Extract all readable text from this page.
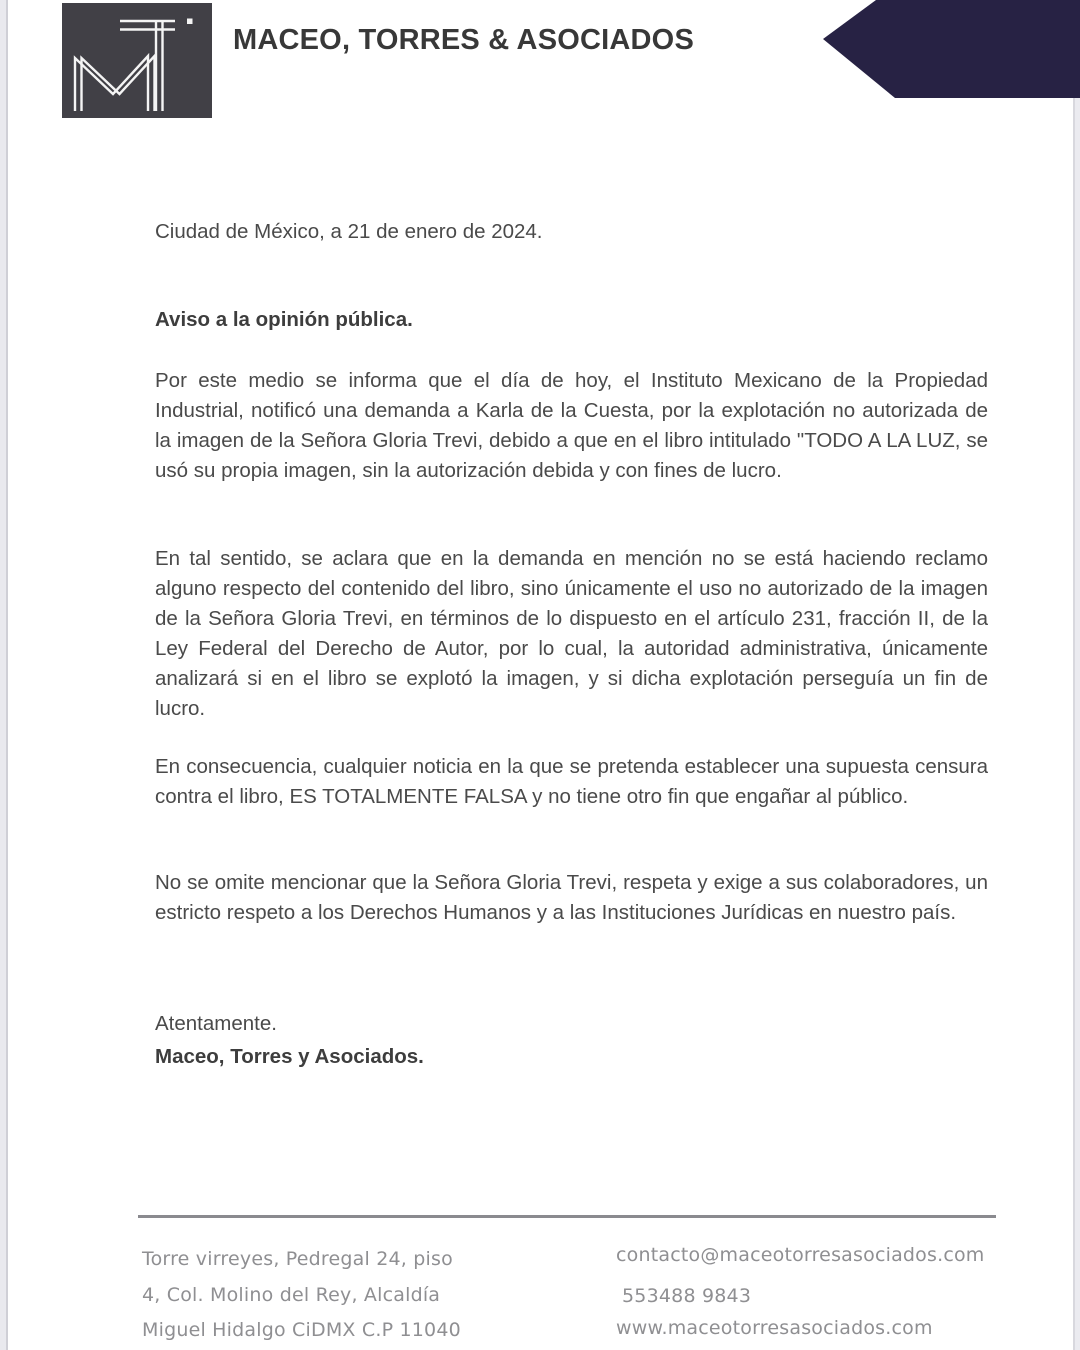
MACEO, TORRES & ASOCIADOS
Ciudad de México, a 21 de enero de 2024.
Aviso a la opinión pública.

Por este medio se informa que el día de hoy, el Instituto Mexicano de la Propiedad Industrial, notificó una demanda a Karla de la Cuesta, por la explotación no autorizada de la imagen de la Señora Gloria Trevi, debido a que en el libro intitulado "TODO A LA LUZ, se usó su propia imagen, sin la autorización debida y con fines de lucro.

En tal sentido, se aclara que en la demanda en mención no se está haciendo reclamo alguno respecto del contenido del libro, sino únicamente el uso no autorizado de la imagen de la Señora Gloria Trevi, en términos de lo dispuesto en el artículo 231, fracción II, de la Ley Federal del Derecho de Autor, por lo cual, la autoridad administrativa, únicamente analizará si en el libro se explotó la imagen, y si dicha explotación perseguía un fin de lucro.

En consecuencia, cualquier noticia en la que se pretenda establecer una supuesta censura contra el libro, ES TOTALMENTE FALSA y no tiene otro fin que engañar al público.

No se omite mencionar que la Señora Gloria Trevi, respeta y exige a sus colaboradores, un estricto respeto a los Derechos Humanos y a las Instituciones Jurídicas en nuestro país.

Atentamente.
Maceo, Torres y Asociados.
Torre virreyes, Pedregal 24, piso
4, Col. Molino del Rey, Alcaldía
Miguel Hidalgo CiDMX C.P 11040
contacto@maceotorresasociados.com
553488 9843
www.maceotorresasociados.com
